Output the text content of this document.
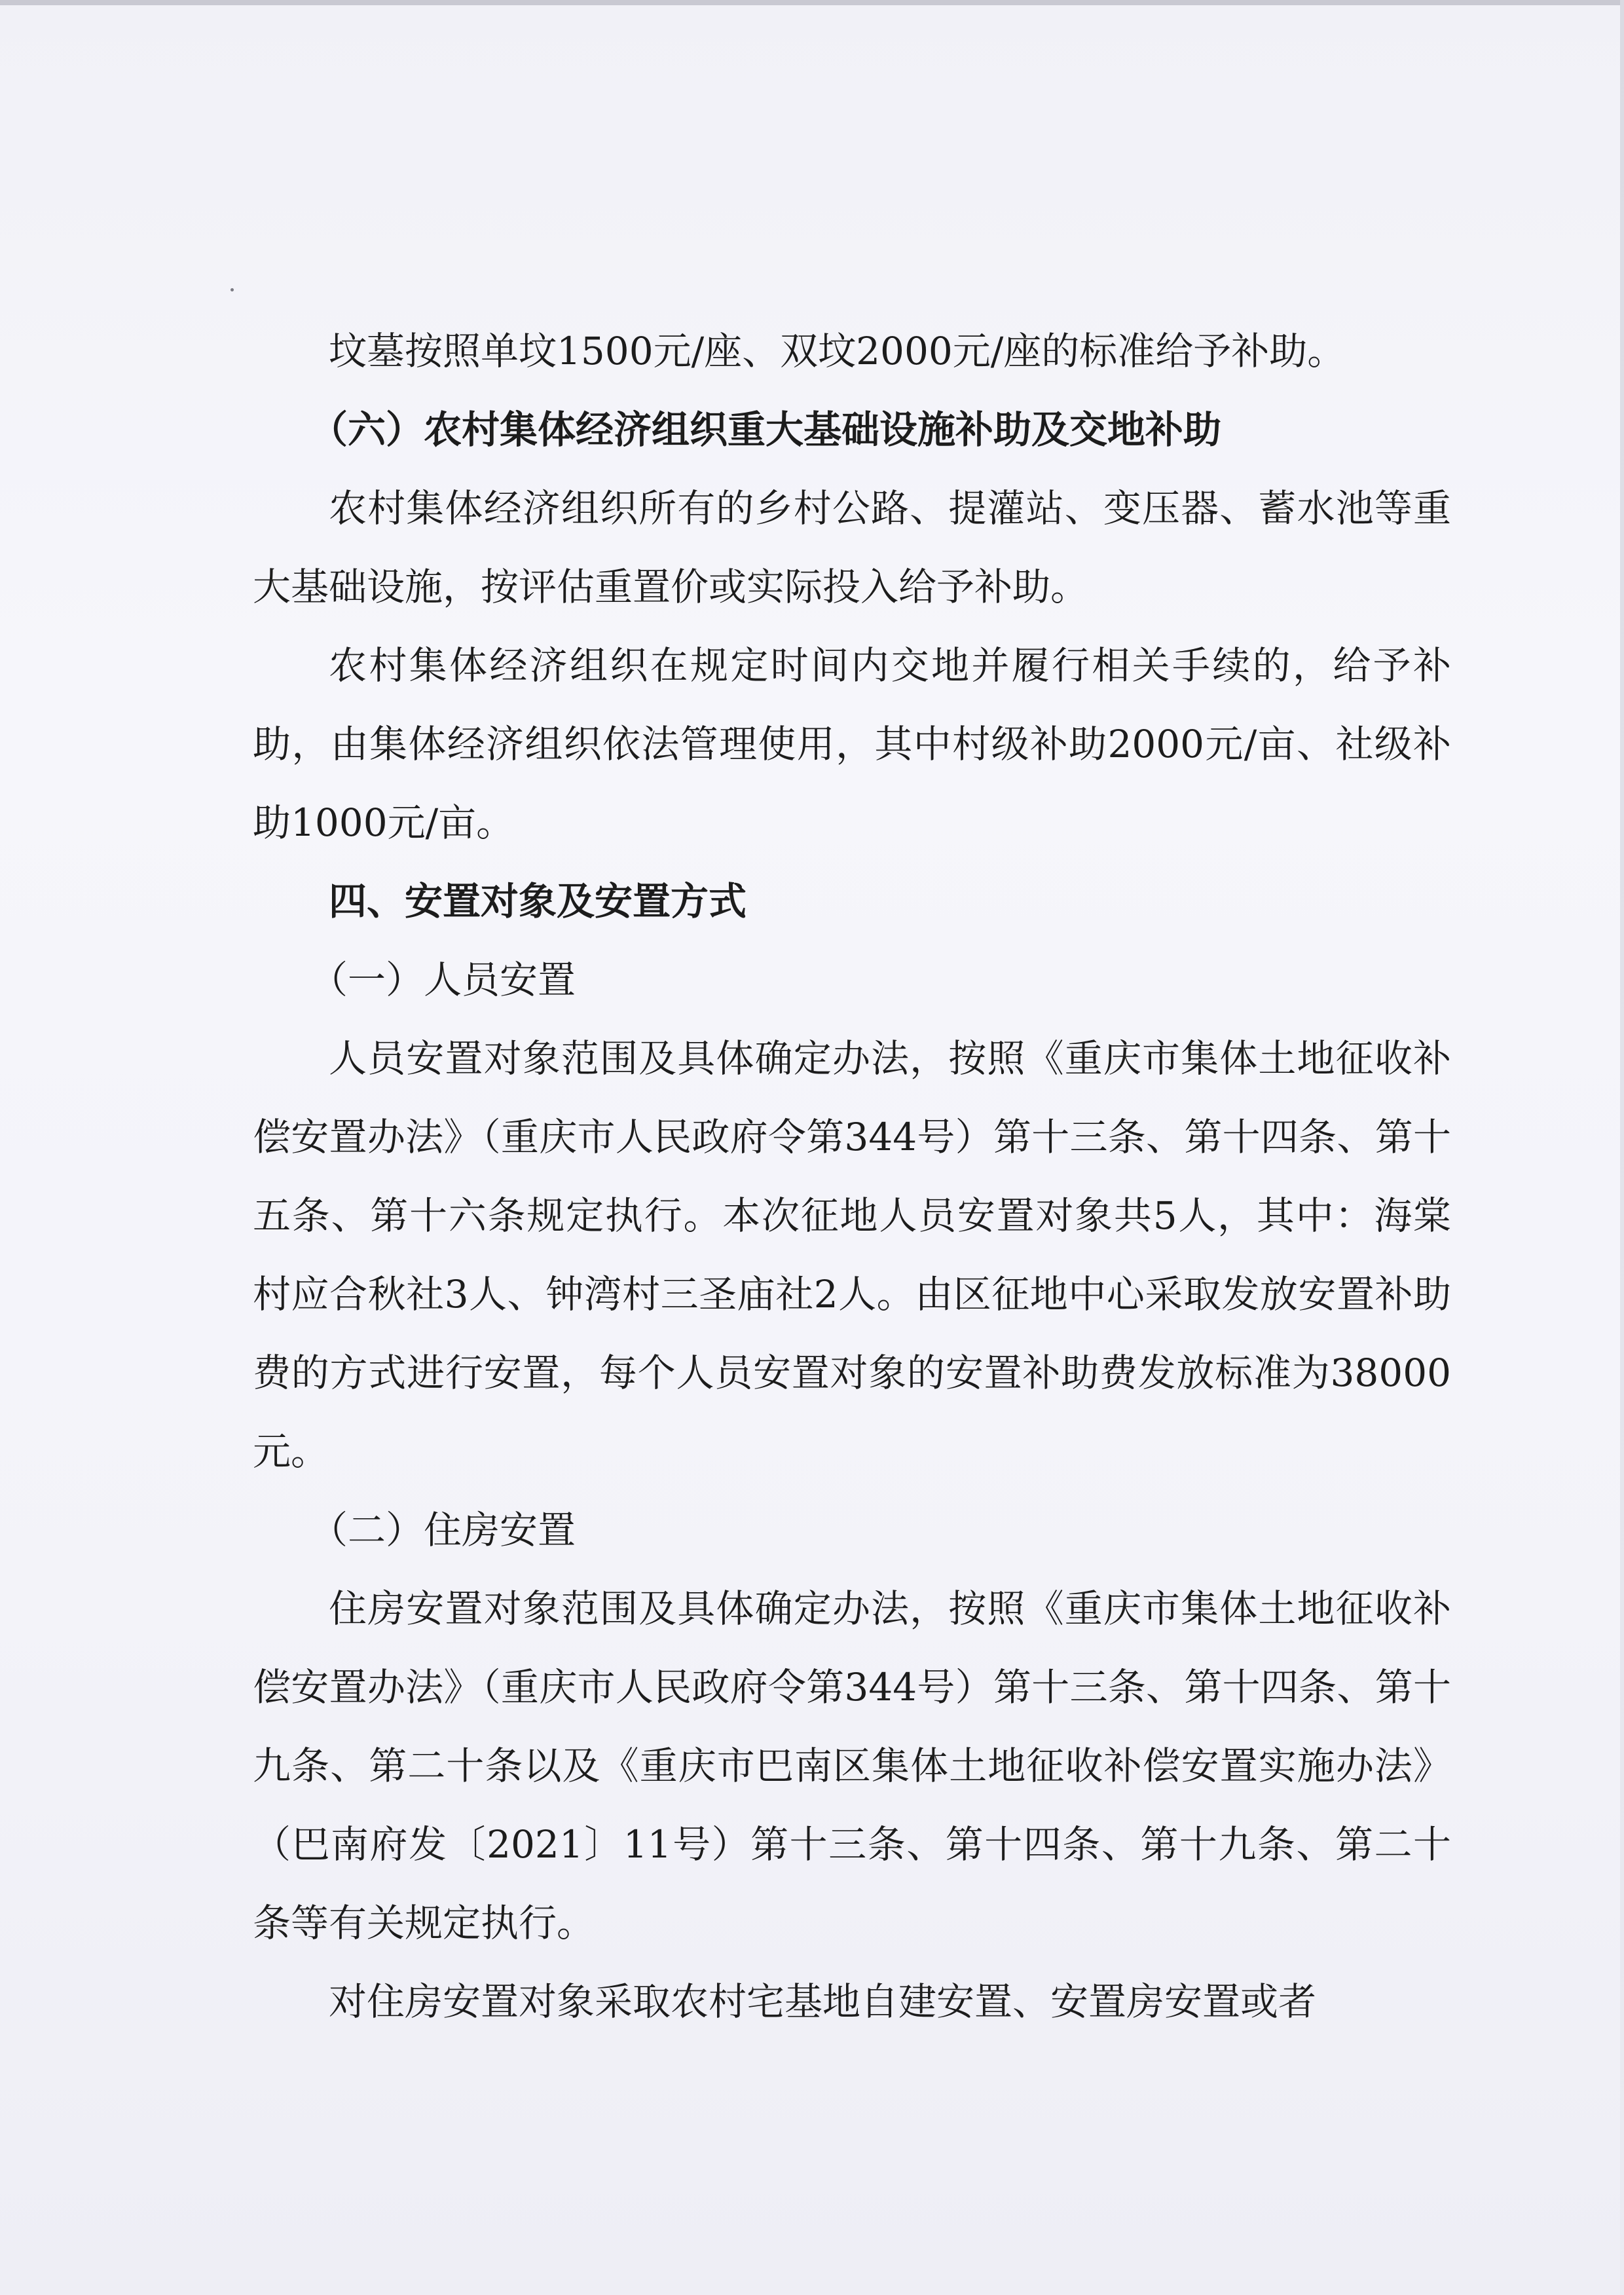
坟墓按照单坟1500元/座、双坟2000元/座的标准给予补助。

（六）农村集体经济组织重大基础设施补助及交地补助

农村集体经济组织所有的乡村公路、提灌站、变压器、蓄水池等重大基础设施，按评估重置价或实际投入给予补助。

农村集体经济组织在规定时间内交地并履行相关手续的，给予补助，由集体经济组织依法管理使用，其中村级补助2000元/亩、社级补助1000元/亩。

四、安置对象及安置方式

（一）人员安置

人员安置对象范围及具体确定办法，按照《重庆市集体土地征收补偿安置办法》（重庆市人民政府令第344号）第十三条、第十四条、第十五条、第十六条规定执行。本次征地人员安置对象共5人，其中：海棠村应合秋社3人、钟湾村三圣庙社2人。由区征地中心采取发放安置补助费的方式进行安置，每个人员安置对象的安置补助费发放标准为38000元。

（二）住房安置

住房安置对象范围及具体确定办法，按照《重庆市集体土地征收补偿安置办法》（重庆市人民政府令第344号）第十三条、第十四条、第十九条、第二十条以及《重庆市巴南区集体土地征收补偿安置实施办法》（巴南府发〔2021〕11号）第十三条、第十四条、第十九条、第二十条等有关规定执行。

对住房安置对象采取农村宅基地自建安置、安置房安置或者
